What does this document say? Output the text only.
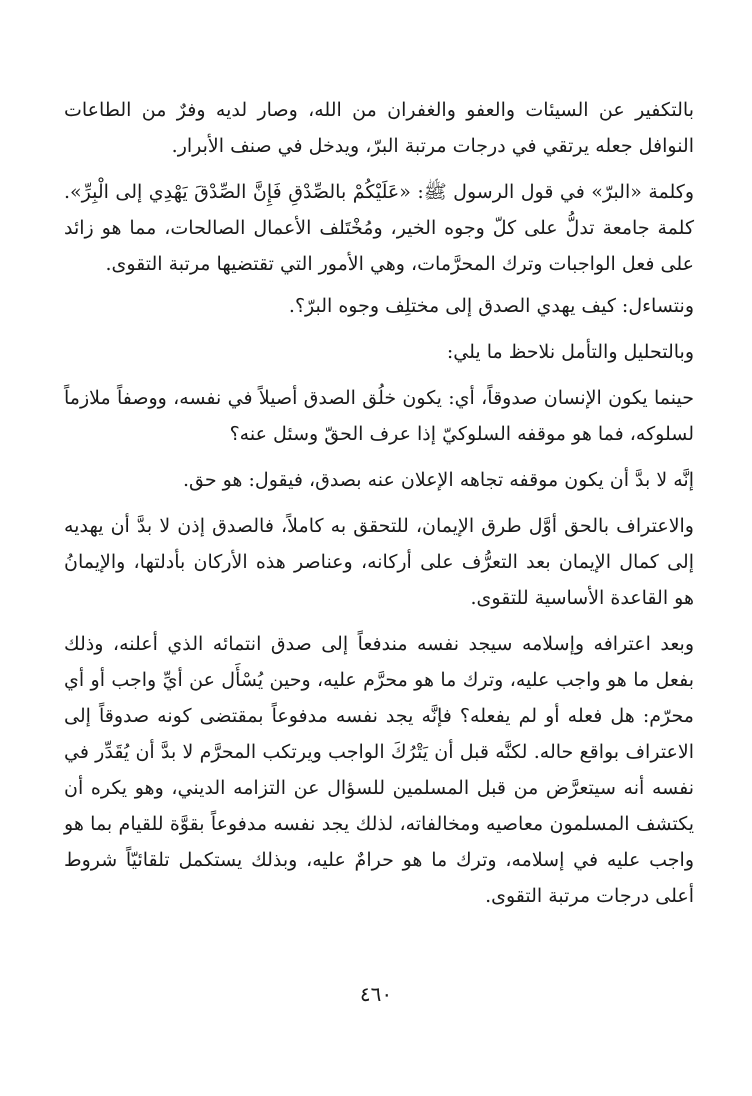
بالتكفير عن السيئات والعفو والغفران من الله، وصار لديه وفرٌ من الطاعات النوافل جعله يرتقي في درجات مرتبة البرّ، ويدخل في صنف الأبرار.

وكلمة «البرّ» في قول الرسول ﷺ: «عَلَيْكُمْ بالصِّدْقِ فَإِنَّ الصِّدْقَ يَهْدِي إلى الْبِرِّ». كلمة جامعة تدلُّ على كلّ وجوه الخير، ومُخْتَلف الأعمال الصالحات، مما هو زائد على فعل الواجبات وترك المحرَّمات، وهي الأمور التي تقتضيها مرتبة التقوى.

ونتساءل: كيف يهدي الصدق إلى مختلِف وجوه البرّ؟.

وبالتحليل والتأمل نلاحظ ما يلي:

حينما يكون الإنسان صدوقاً، أي: يكون خلُق الصدق أصيلاً في نفسه، ووصفاً ملازماً لسلوكه، فما هو موقفه السلوكيّ إذا عرف الحقّ وسئل عنه؟

إنَّه لا بدَّ أن يكون موقفه تجاهه الإعلان عنه بصدق، فيقول: هو حق.

والاعتراف بالحق أوَّل طرق الإيمان، للتحقق به كاملاً، فالصدق إذن لا بدَّ أن يهديه إلى كمال الإيمان بعد التعرُّف على أركانه، وعناصر هذه الأركان بأدلتها، والإيمانُ هو القاعدة الأساسية للتقوى.

وبعد اعترافه وإسلامه سيجد نفسه مندفعاً إلى صدق انتمائه الذي أعلنه، وذلك بفعل ما هو واجب عليه، وترك ما هو محرَّم عليه، وحين يُسْأَل عن أيِّ واجب أو أي محرّم: هل فعله أو لم يفعله؟ فإنَّه يجد نفسه مدفوعاً بمقتضى كونه صدوقاً إلى الاعتراف بواقع حاله. لكنَّه قبل أن يَتْرُكَ الواجب ويرتكب المحرَّم لا بدَّ أن يُقَدِّر في نفسه أنه سيتعرَّض من قبل المسلمين للسؤال عن التزامه الديني، وهو يكره أن يكتشف المسلمون معاصيه ومخالفاته، لذلك يجد نفسه مدفوعاً بقوَّة للقيام بما هو واجب عليه في إسلامه، وترك ما هو حرامٌ عليه، وبذلك يستكمل تلقائيّاً شروط أعلى درجات مرتبة التقوى.

٤٦٠
